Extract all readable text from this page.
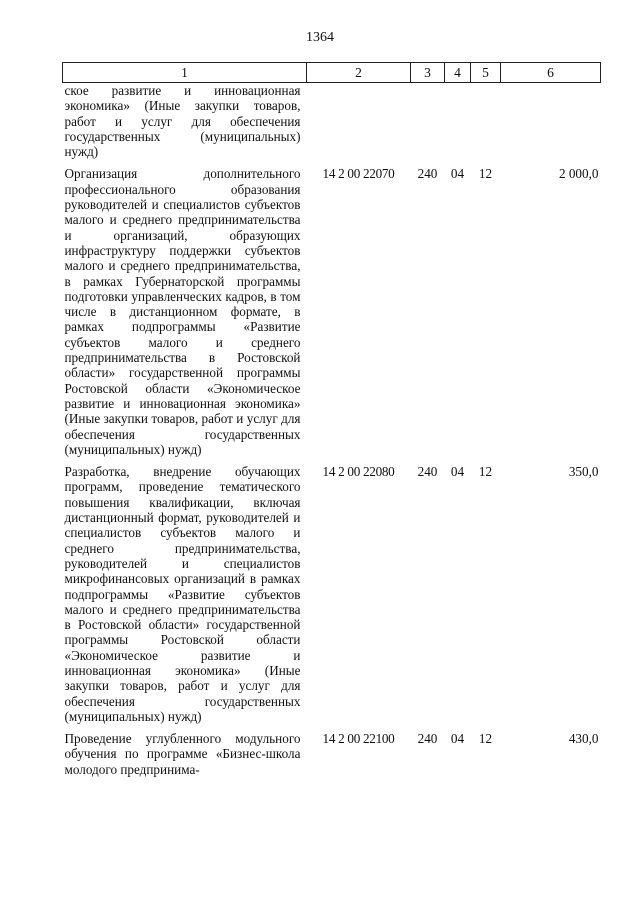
1364
1	2	3	4	5	6
ское развитие и инновационная экономика» (Иные закупки товаров, работ и услуг для обеспечения государственных (муниципальных) нужд)					
Организация дополнительного профессионального образования руководителей и специалистов субъектов малого и среднего предпринимательства и организаций, образующих инфраструктуру поддержки субъектов малого и среднего предпринимательства, в рамках Губернаторской программы подготовки управленческих кадров, в том числе в дистанционном формате, в рамках подпрограммы «Развитие субъектов малого и среднего предпринимательства в Ростовской области» государственной программы Ростовской области «Экономическое развитие и инновационная экономика» (Иные закупки товаров, работ и услуг для обеспечения государственных (муниципальных) нужд)	14 2 00 22070	240	04	12	2 000,0
Разработка, внедрение обучающих программ, проведение тематического повышения квалификации, включая дистанционный формат, руководителей и специалистов субъектов малого и среднего предпринимательства, руководителей и специалистов микрофинансовых организаций в рамках подпрограммы «Развитие субъектов малого и среднего предпринимательства в Ростовской области» государственной программы Ростовской области «Экономическое развитие и инновационная экономика» (Иные закупки товаров, работ и услуг для обеспечения государственных (муниципальных) нужд)	14 2 00 22080	240	04	12	350,0
Проведение углубленного модульного обучения по программе «Бизнес-школа молодого предпринима-	14 2 00 22100	240	04	12	430,0
